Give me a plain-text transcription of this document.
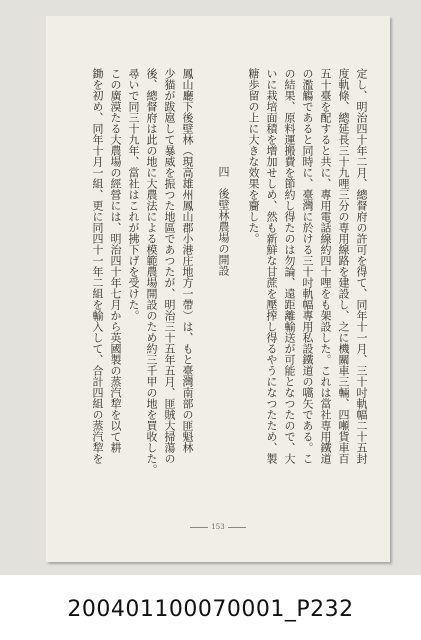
定し、明治四十年二月、總督府の許可を得て、同年十一月、三十吋軌幅二十五封
度軌條、總延長三十九哩三分の専用線路を建設し、之に機關車三輛、四噸貨車百
五十臺を配すると共に、專用電話線約四十哩をも架設した。これは當社専用鐵道
の濫觴であると同時に、臺灣に於ける三十吋軌幅專用私設鐵道の嚆矢である。こ
の結果、原料運搬費を節約し得たのは勿論、遠距離輸送が可能となつたので、大
いに栽培面積を增加せしめ、然も新鮮な甘蔗を壓搾し得るやうになつたため、製
糖歩留の上に大きな效果を齎した。
四　後壁林農場の開設
鳳山廳下後壁林（現高雄州鳳山郡小港庄地方一帶）は、もと臺灣南部の匪魁林
少猫が跋扈して暴威を振つた地區であつたが、明治三十五年五月、匪賊大掃蕩の
後、總督府は此の地に大農法による模範農場開設のため約三千甲の地を買收した。
尋いで同三十九年、當社はこれが拂下げを受けた。
この廣漠たる大農場の經營には、明治四十年七月から英國製の蒸汽犂を以て耕
鋤を初め、同年十月一組、更に同四十一年二組を輸入して、合計四組の蒸汽犂を
153
200401100070001_P232
